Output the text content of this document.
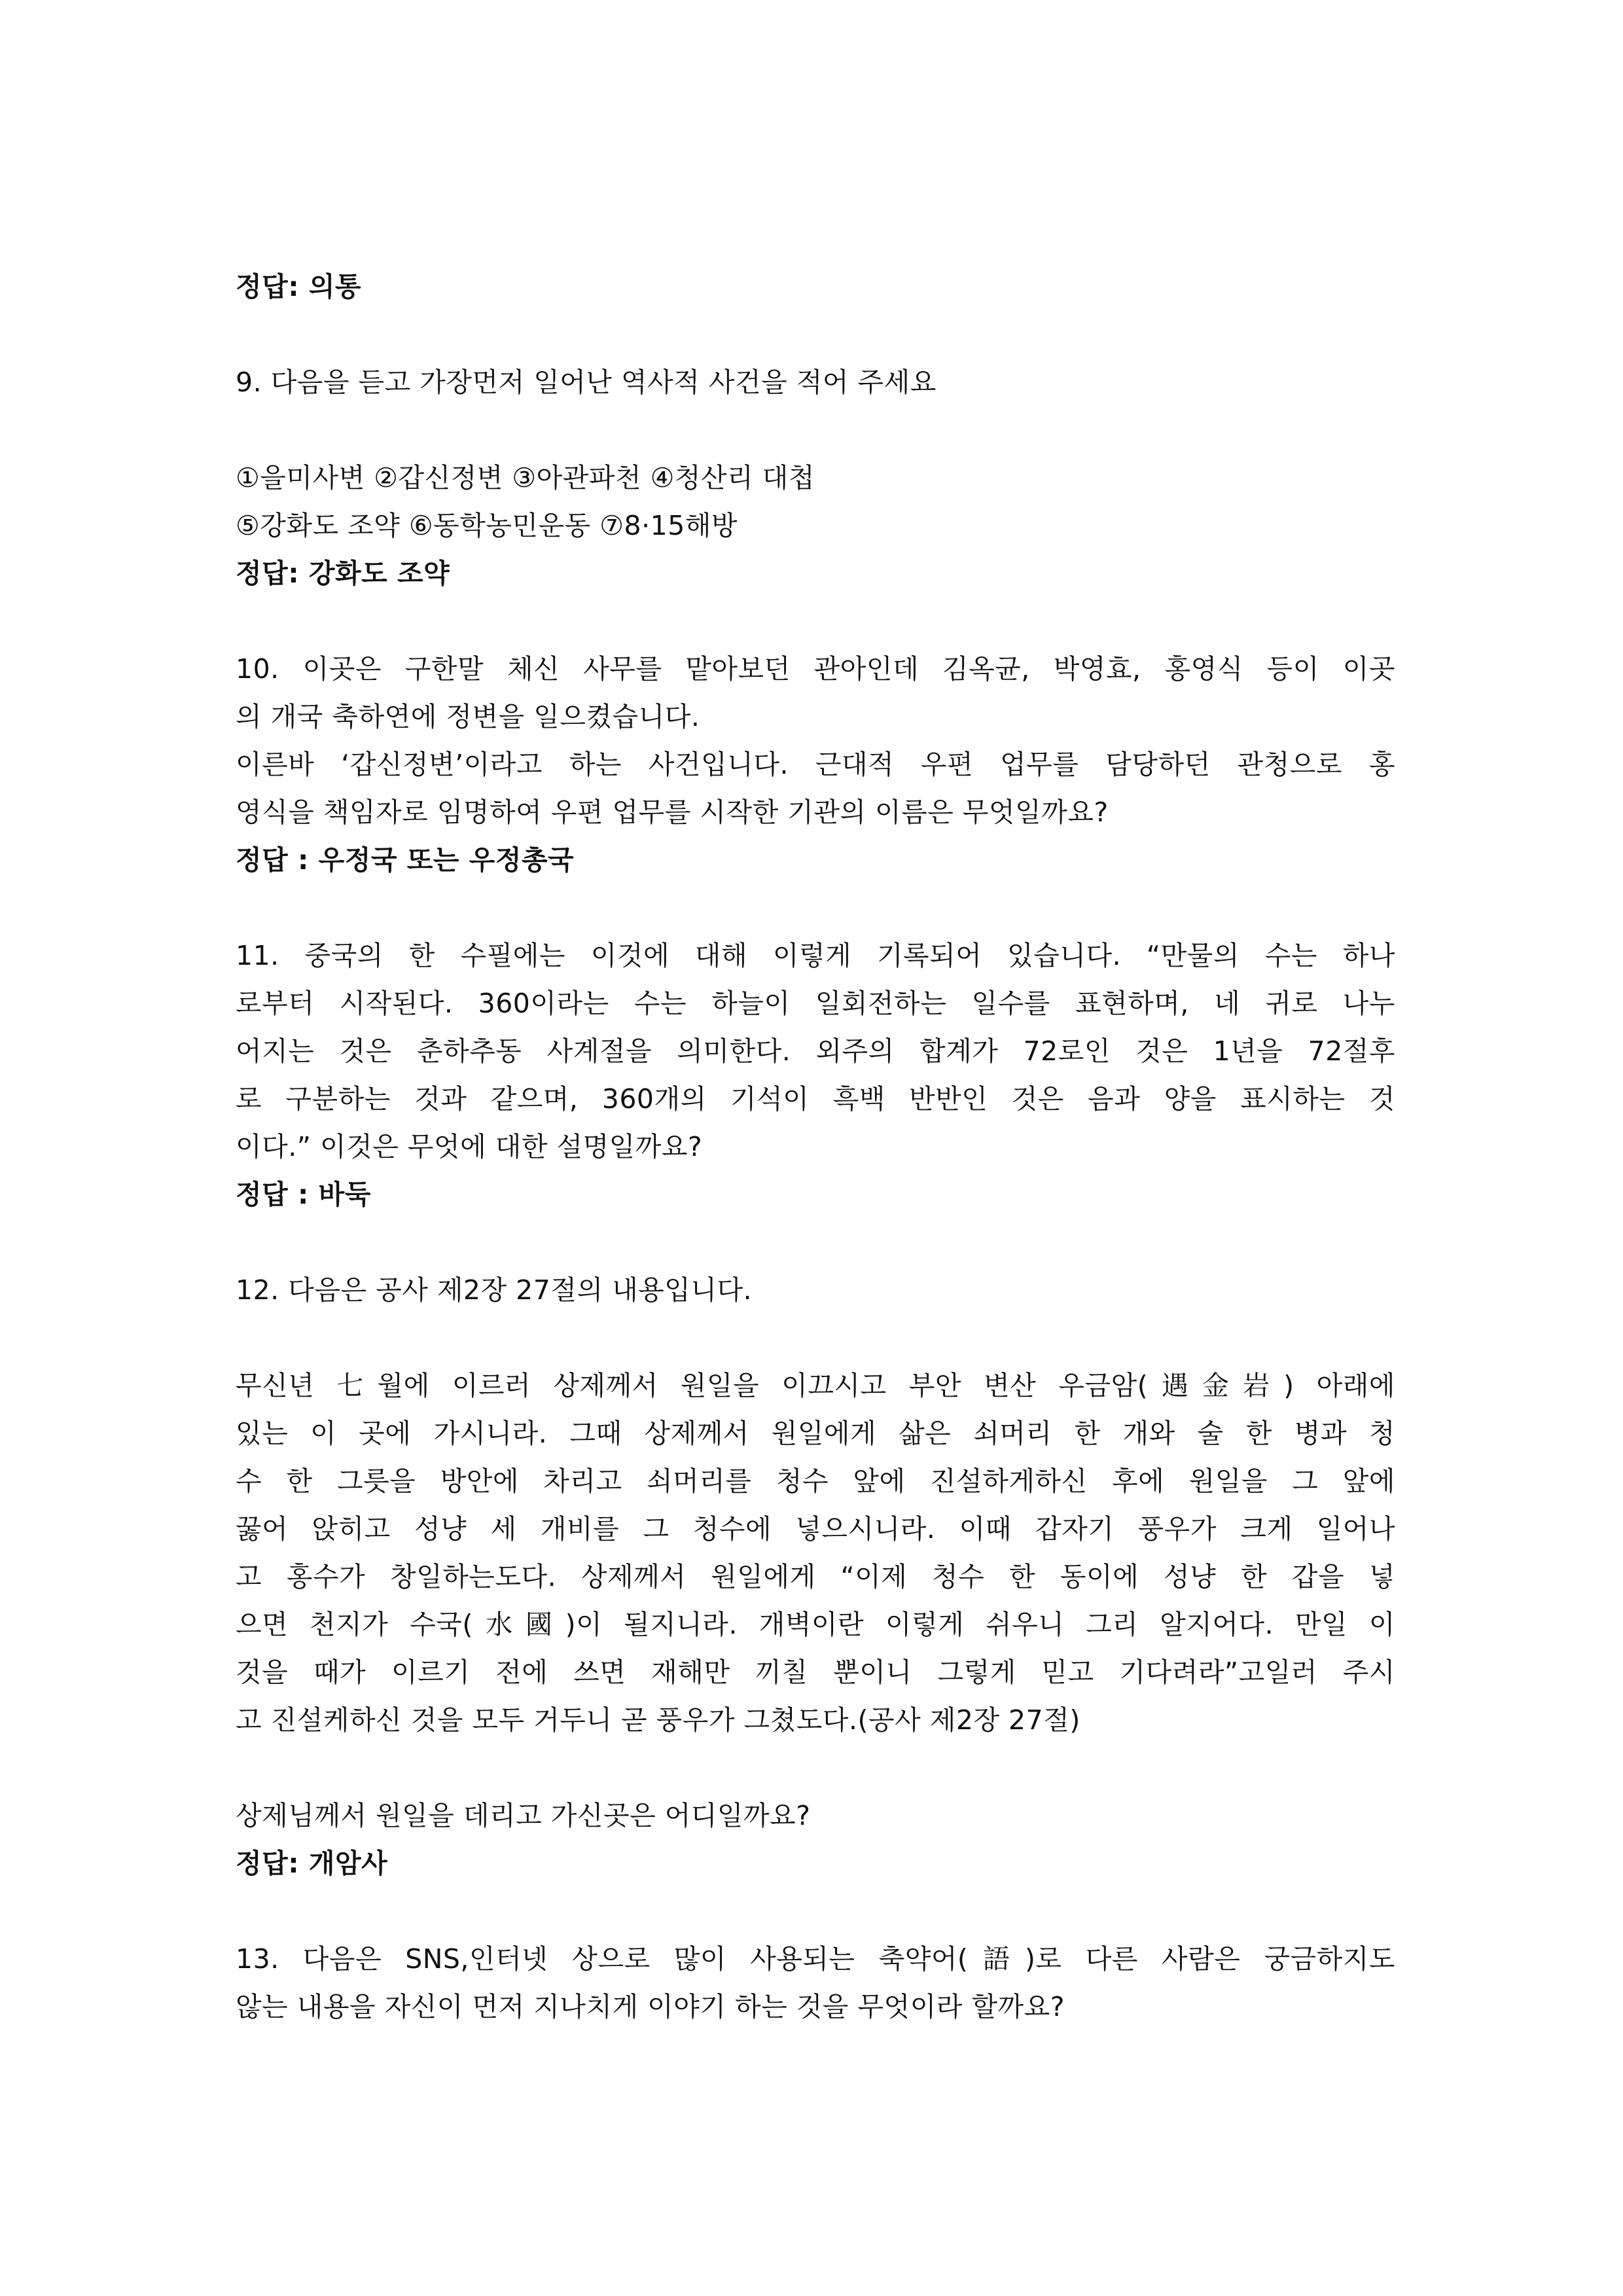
정답: 의통
9. 다음을 듣고 가장먼저 일어난 역사적 사건을 적어 주세요
①을미사변 ②갑신정변 ③아관파천 ④청산리 대첩
⑤강화도 조약 ⑥동학농민운동 ⑦8·15해방
정답: 강화도 조약
10. 이곳은 구한말 체신 사무를 맡아보던 관아인데 김옥균, 박영효, 홍영식 등이 이곳
의 개국 축하연에 정변을 일으켰습니다.
이른바 ‘갑신정변’이라고 하는 사건입니다. 근대적 우편 업무를 담당하던 관청으로 홍
영식을 책임자로 임명하여 우편 업무를 시작한 기관의 이름은 무엇일까요?
정답 : 우정국 또는 우정총국
11. 중국의 한 수필에는 이것에 대해 이렇게 기록되어 있습니다. “만물의 수는 하나
로부터 시작된다. 360이라는 수는 하늘이 일회전하는 일수를 표현하며, 네 귀로 나누
어지는 것은 춘하추동 사계절을 의미한다. 외주의 합계가 72로인 것은 1년을 72절후
로 구분하는 것과 같으며, 360개의 기석이 흑백 반반인 것은 음과 양을 표시하는 것
이다.” 이것은 무엇에 대한 설명일까요?
정답 : 바둑
12. 다음은 공사 제2장 27절의 내용입니다.
무신년 七월에 이르러 상제께서 원일을 이끄시고 부안 변산 우금암(遇金岩) 아래에
있는 이 곳에 가시니라. 그때 상제께서 원일에게 삶은 쇠머리 한 개와 술 한 병과 청
수 한 그릇을 방안에 차리고 쇠머리를 청수 앞에 진설하게하신 후에 원일을 그 앞에
꿇어 앉히고 성냥 세 개비를 그 청수에 넣으시니라. 이때 갑자기 풍우가 크게 일어나
고 홍수가 창일하는도다. 상제께서 원일에게 “이제 청수 한 동이에 성냥 한 갑을 넣
으면 천지가 수국(水國)이 될지니라. 개벽이란 이렇게 쉬우니 그리 알지어다. 만일 이
것을 때가 이르기 전에 쓰면 재해만 끼칠 뿐이니 그렇게 믿고 기다려라”고일러 주시
고 진설케하신 것을 모두 거두니 곧 풍우가 그쳤도다.(공사 제2장 27절)
상제님께서 원일을 데리고 가신곳은 어디일까요?
정답: 개암사
13. 다음은 SNS,인터넷 상으로 많이 사용되는 축약어(語)로 다른 사람은 궁금하지도
않는 내용을 자신이 먼저 지나치게 이야기 하는 것을 무엇이라 할까요?
